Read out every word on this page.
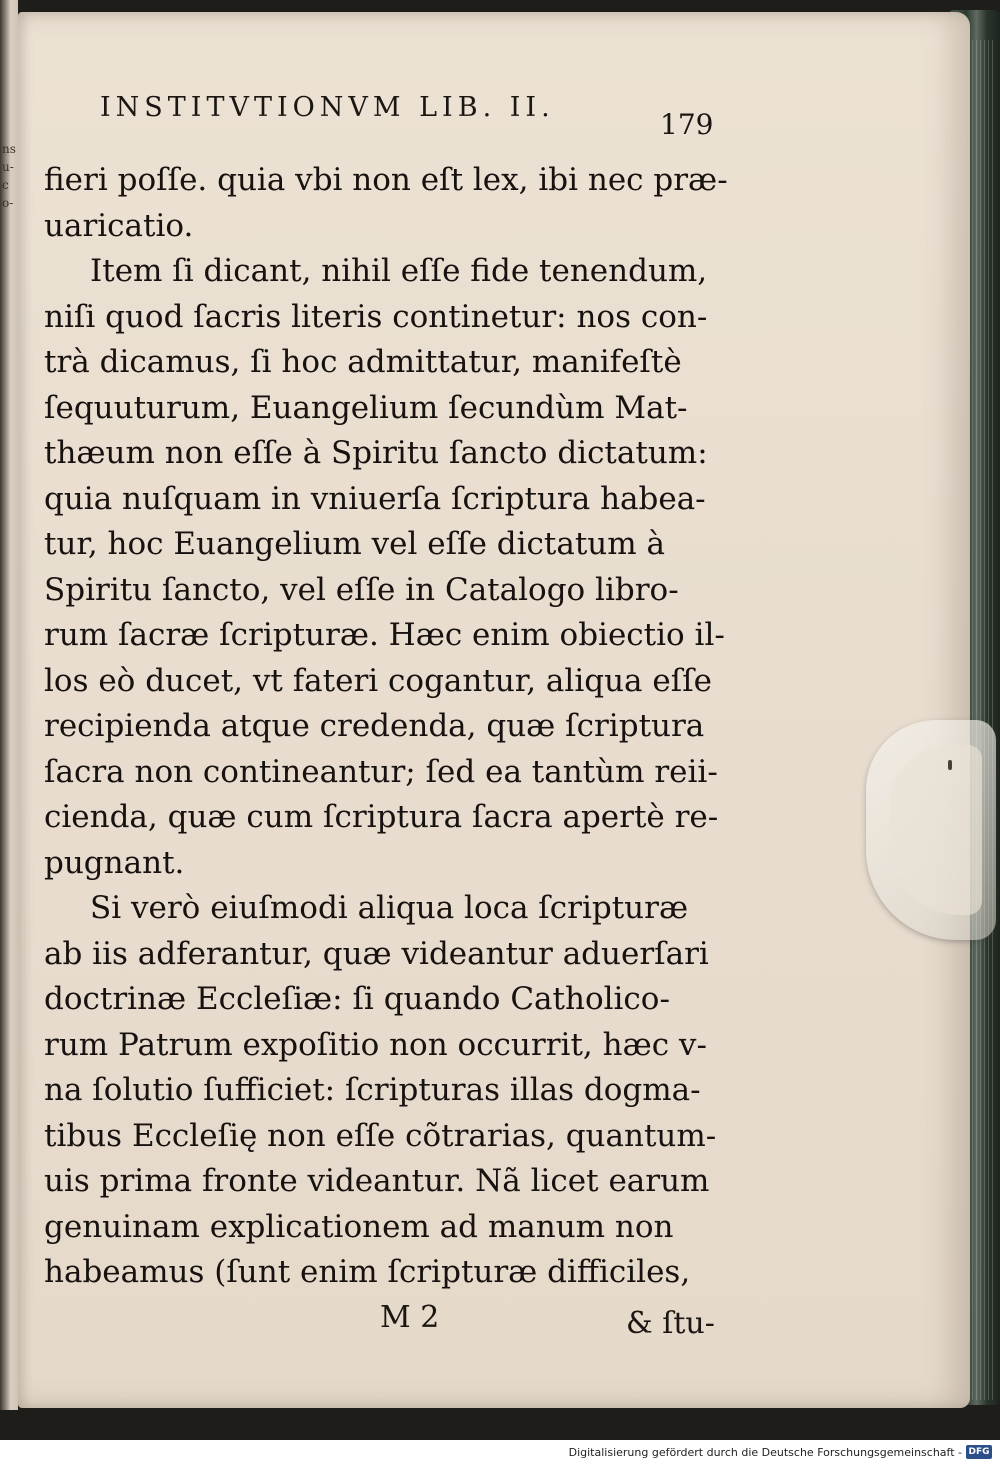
ns
u-
c
o-
INSTITVTIONVM LIB. II.
179
fieri poſſe. quia vbi non eſt lex, ibi nec præ-
uaricatio.
Item ſi dicant, nihil eſſe fide tenendum,
niſi quod ſacris literis continetur: nos con-
trà dicamus, ſi hoc admittatur, manifeſtè
ſequuturum, Euangelium ſecundùm Mat-
thæum non eſſe à Spiritu ſancto dictatum:
quia nuſquam in vniuerſa ſcriptura habea-
tur, hoc Euangelium vel eſſe dictatum à
Spiritu ſancto, vel eſſe in Catalogo libro-
rum ſacræ ſcripturæ. Hæc enim obiectio il-
los eò ducet, vt fateri cogantur, aliqua eſſe
recipienda atque credenda, quæ ſcriptura
ſacra non contineantur; ſed ea tantùm reii-
cienda, quæ cum ſcriptura ſacra apertè re-
pugnant.
Si verò eiuſmodi aliqua loca ſcripturæ
ab iis adferantur, quæ videantur aduerſari
doctrinæ Eccleſiæ: ſi quando Catholico-
rum Patrum expoſitio non occurrit, hæc v-
na ſolutio ſufficiet: ſcripturas illas dogma-
tibus Eccleſię non eſſe cõtrarias, quantum-
uis prima fronte videantur. Nã licet earum
genuinam explicationem ad manum non
habeamus (ſunt enim ſcripturæ difficiles,
M 2	& ſtu-
Digitalisierung gefördert durch die Deutsche Forschungsgemeinschaft - DFG
